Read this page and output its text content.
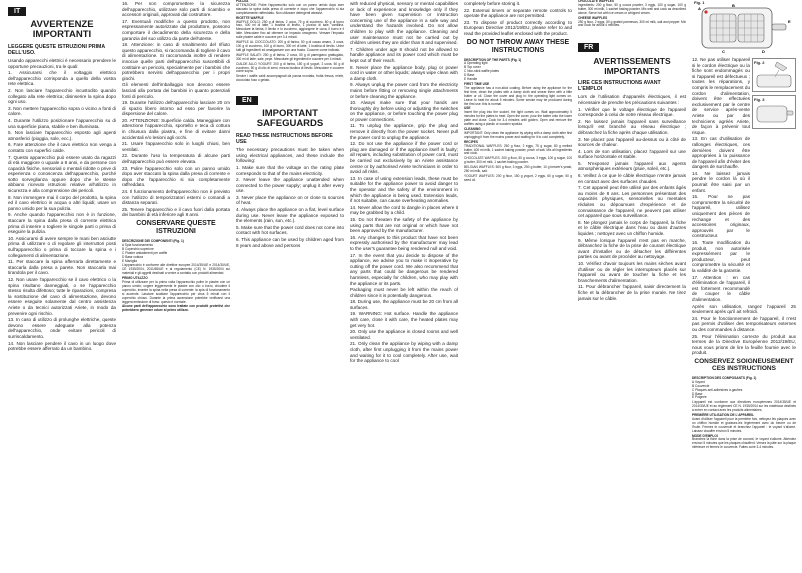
IT
AVVERTENZE
IMPORTANTI
LEGGERE QUESTE ISTRUZIONI PRIMA DELL'USO.
Usando apparecchi elettrici è necessario prendere le opportune precauzioni, tra le quali:
1. Assicurarsi che il voltaggio elettrico dell'apparecchio corrisponda a quello della vostra rete elettrica.
2. Non lasciare l'apparecchio incustodito quando collegato alla rete elettrica; disinserire la spina dopo ogni uso.
3. Non mettere l'apparecchio sopra o vicino a fonti di calore.
4. Durante l'utilizzo posizionare l'apparecchio su di una superficie piana, stabile e ben illuminata.
5. Non lasciare l'apparecchio esposto agli agenti atmosferici (pioggia, sole, ecc.).
6. Fare attenzione che il cavo elettrico non venga a contatto con superfici calde.
7. Questo apparecchio può essere usato da ragazzi di età maggiore o uguale a 8 anni, e da persone con capacità fisiche, sensoriali o mentali ridotte o prive di esperienza o conoscenza dell'apparecchio, purché sotto sorveglianza oppure dopo che le stesse abbiano ricevuto istruzioni relative all'utilizzo in sicurezza e alla comprensione dei pericoli.
8. Non immergere mai il corpo del prodotto, la spina ed il cavo elettrico in acqua o altri liquidi; usare un panno umido per la sua pulizia.
9. Anche quando l'apparecchio non è in funzione, staccare la spina dalla presa di corrente elettrica prima di inserire o togliere le singole parti o prima di eseguire la pulizia.
10. Assicurarsi di avere sempre le mani ben asciutte prima di utilizzare o di regolare gli interruttori posti sull'apparecchio o prima di toccare la spina e i collegamenti di alimentazione.
11. Per staccare la spina afferrarla direttamente e staccarla dalla presa a parete. Non staccarla mai tirandola per il cavo.
12. Non usare l'apparecchio se il cavo elettrico o la spina risultano danneggiati, o se l'apparecchio stesso risulta difettoso; tutte le riparazioni, compresa la sostituzione del cavo di alimentazione, devono essere eseguite solamente dal centro assistenza Ariete o da tecnici autorizzati Ariete, in modo da prevenire ogni rischio.
13. In caso di utilizzo di prolunghe elettriche, queste devono essere adeguate alla potenza dell'apparecchio, onde evitare pericoli di surriscaldamento.
14. Non lasciare pendere il cavo in un luogo dove potrebbe essere afferrato da un bambino.
16. Per non compromettere la sicurezza dell'apparecchio, utilizzare solo parti di ricambio e accessori originali, approvati dal costruttore.
17. Eventuali modifiche a questo prodotto, non espressamente autorizzate dal produttore, possono comportare il decadimento della sicurezza e della garanzia del suo utilizzo da parte dell'utente.
18. Attenzione: in caso di smaltimento del rifiuto questo apparecchio, si raccomanda di togliere il cavo di alimentazione. Si raccomanda inoltre di rendere innocue quelle parti dell'apparecchio suscettibili di costituire un pericolo, specialmente per i bambini che potrebbero servirsi dell'apparecchio per i propri giochi.
Gli elementi dell'imballaggio non devono essere lasciati alla portata dei bambini in quanto potenziali fonti di pericolo.
19. Durante l'utilizzo dell'apparecchio lasciare 20 cm di spazio libero intorno ad esso per favorire la dispersione del calore.
20. ATTENZIONE: Superficie calda. Maneggiare con attenzione l'apparecchio, sportello e teca di cottura in chiusura dalla piastra, e fine di evitare danni accidentali e/o lesioni agli occhi.
21. Usare l'apparecchio solo in luoghi chiusi, ben ventilati.
22. Durante l'uso la temperatura di alcune parti dell'apparecchio può essere elevata.
23. Pulire l'apparecchio solo con un panno umido dopo aver staccato la spina dalla presa di corrente e dopo che l'apparecchio si sia completamente raffreddato.
24. Il funzionamento dell'apparecchio non è previsto con l'utilizzo di temporizzatori esterni o comandi a distanza separati.
25. Tenere l'apparecchio e il cavo fuori dalla portata dei bambini di età inferiore agli 8 anni.
CONSERVARE QUESTE ISTRUZIONI
DESCRIZIONE DEI COMPONENTI (Fig. 1)
A Spia funzionamento
B Coperchio superiore
C Piastre antiaderenti per waffle
D Base cottura
E Maniglia
L'apparecchio è conforme alle direttive europee 2014/35/UE e 2014/30/UE, CE 1935/2004, 2011/65/UE e al regolamento (CE) N. 1935/2004 sui materiali e gli oggetti destinati a venire a contatto con prodotti alimentari.
PRIMO UTILIZZO
Prima di utilizzare per la prima volta l'apparecchio pulire le piastre con un panno umido; ungere leggermente le piastre con olio o burro, chiudere il coperchio, inserire la spina nella presa di corrente: la spia di funzionamento si accende. Lasciare scaldare l'apparecchio per circa 5 minuti con il coperchio chiuso. Durante la prima accensione potrebbe verificarsi una leggera emissione di fumo: questo è normale.
Alcune parti dell'apparecchio sono trattate con prodotti protettivi che potrebbero generare odore al primo utilizzo.
PULIZIA
ATTENZIONE: Pulire l'apparecchio solo con un panno umido dopo aver staccato la spina dalla presa di corrente e dopo che l'apparecchio si sia completamente raffreddato. Non utilizzare detergenti abrasivi.
RICETTE WAFFLE
WAFFLE DOLCI: 250 g di farina, 2 uova, 75 g di zucchero, 80 g di burro fuso, 400 ml di latte, 1 bustina di lievito, 1 pizzico di sale, vanillina. Mescolare la farina, il lievito e lo zucchero, aggiungere le uova, il burro e il latte. Mescolare fino ad ottenere un impasto omogeneo. Versare l'impasto sulle piastre calde e cuocere per 3-4 minuti.
WAFFLE AL CIOCCOLATO: 200 g di farina, 50 g di cacao amaro, 3 uova, 100 g di zucchero, 100 g di burro, 300 ml di latte, 1 bustina di lievito. Unire tutti gli ingredienti ed amalgamare con una frusta. Cuocere come indicato.
WAFFLE SALATI: 250 g di farina, 2 uova, 50 g di parmigiano grattugiato, 300 ml di latte, sale, pepe. Mescolare gli ingredienti e cuocere per 4 minuti.
CIALDE ALLO YOGURT: 200 g di farina, 150 g di yogurt, 2 uova, 60 g di zucchero, 50 g di olio di semi, mezza bustina di lievito. Mescolare e cuocere come sopra.
Servire i waffle caldi accompagnati da panna montata, frutta fresca, miele, cioccolato fuso o gelato.
EN
IMPORTANT
SAFEGUARDS
READ THESE INSTRUCTIONS BEFORE USE
The necessary precautions must be taken when using electrical appliances, and these include the following:
1. Make sure that the voltage on the rating plate corresponds to that of the mains electricity.
2. Never leave the appliance unattended when connected to the power supply; unplug it after every use.
3. Never place the appliance on or close to sources of heat.
4. Always place the appliance on a flat, level surface during use. Never leave the appliance exposed to the elements (rain, sun, etc.).
5. Make sure that the power cord does not come into contact with hot surfaces.
6. This appliance can be used by children aged from 8 years and above and persons
with reduced physical, sensory or mental capabilities or lack of experience and knowledge only if they have been given supervision or instruction concerning use of the appliance in a safe way and understand the hazards involved. Do not allow children to play with the appliance. Cleaning and user maintenance must not be carried out by children unless they are older than 8 and supervised.
7. Children under age 8 should not be allowed to handle appliance and its power cord which must be kept out of their reach.
8. Never place the appliance body, plug or power cord in water or other liquids; always wipe clean with a damp cloth.
9. Always unplug the power cord from the electricity mains before fitting or removing single attachments or before cleaning the appliance.
10. Always make sure that your hands are thoroughly dry before using or adjusting the switches on the appliance, or before touching the power plug or power connections.
11. To unplug the appliance, grip the plug and remove it directly from the power socket. Never pull the power cord to unplug the appliance.
12. Do not use the appliance if the power cord or plug are damaged or if the appliance itself is faulty; all repairs, including substitution of power cord, must be carried out exclusively by an Ariete assistance centre or by authorised Ariete technicians in order to avoid all risks.
13. In case of using extension leads, these must be suitable for the appliance power to avoid danger to the operator and the safety of the environment in which the appliance is being used. Extension leads, if not suitable, can cause overheating anomalies.
14. Never allow the cord to dangle in places where it may be grabbed by a child.
15. Do not threaten the safety of the appliance by using parts that are not original or which have not been approved by the manufacturer.
16. Any changes to this product that have not been expressly authorised by the manufacturer may lead to the user's guarantee being rendered null and void.
17. In the event that you decide to dispose of the appliance, we advise you to make it inoperative by cutting off the power cord. We also recommend that any parts that could be dangerous be rendered harmless, especially for children, who may play with the appliance or its parts.
Packaging must never be left within the reach of children since it is potentially dangerous.
18. During use, the appliance must be 20 cm from all surfaces.
19. WARNING: Hot surface. Handle the appliance with care, close it with care, the heated plates may get very hot.
20. Only use the appliance in closed rooms and well ventilated.
21. Only clean the appliance by wiping with a damp cloth, after first unplugging it from the mains power and waiting for it to cool completely. After use, wait for the appliance to cool
completely before storing it.
22. External timers or separate remote controls to operate the appliance are not permitted.
23. To dispose of product correctly according to European Directive 2012/19/EU, please refer to and read the provided leaflet enclosed with the product.
DO NOT THROW AWAY THESE INSTRUCTIONS
DESCRIPTION OF THE PARTS (Fig. 1)
A Operating light
B Top cover
C Non-stick waffle plates
D Base
E Handle
FIRST TIME USE
The appliance has a non-stick coating. Before using the appliance for the first time, clean the plates with a damp cloth and smear them with a little butter or oil. Close the cover and plug in: the operating light comes on. Leave to heat for about 5 minutes. Some smoke may be produced during the first use: this is normal.
USE
Insert the plug into the socket, the light comes on. Wait approximately 5 minutes for the plates to heat. Open the cover, pour the batter onto the lower plate and close. Cook for 3-4 minutes until golden. Open and remove the waffles using a plastic or wooden spatula.
CLEANING
IMPORTANT: Only clean the appliance by wiping with a damp cloth after first unplugging it from the mains power and waiting for it to cool completely.
RECIPES
TRADITIONAL WAFFLES: 250 g flour, 2 eggs, 75 g sugar, 80 g melted butter, 400 ml milk, 1 sachet baking powder, pinch of salt. Mix all ingredients and cook.
CHOCOLATE WAFFLES: 200 g flour, 50 g cocoa, 3 eggs, 100 g sugar, 100 g butter, 300 ml milk, 1 sachet baking powder.
BELGIAN WAFFLES: 500 g flour, 3 eggs, 250 g butter, 10 g brewer's yeast, 250 ml milk, salt.
YOGURT WAFFLES: 200 g flour, 150 g yogurt, 2 eggs, 60 g sugar, 50 g seed oil.
CHOCOLATE WAFFLES
Ingredients: 200 g flour, 50 g cocoa powder, 3 eggs, 100 g sugar, 100 g butter, 300 ml milk, 1 sachet baking powder. Mix well and cook as described above. Serve hot with ice cream or whipped cream.
CHEESE WAFFLES
250 g flour, 2 eggs, 50 g grated parmesan, 300 ml milk, salt and pepper. Mix and cook for about 4 minutes.
FR
AVERTISSEMENTS
IMPORTANTS
LIRE CES INSTRUCTIONS AVANT L'EMPLOI
Lors de l'utilisation d'appareils électriques, il est nécessaire de prendre les précautions suivantes :
1. Vérifier que le voltage électrique de l'appareil corresponde à celui de votre réseau électrique.
2. Ne laissez jamais l'appareil sans surveillance lorsqu'il est branché au réseau électrique ; débranchez la fiche après chaque utilisation.
3. Ne placez pas l'appareil au-dessus ou à côté de sources de chaleur.
4. Lors de son utilisation, placez l'appareil sur une surface horizontale et stable.
5. N'exposez jamais l'appareil aux agents atmosphériques extérieurs (pluie, soleil, etc.).
6. Veillez à ce que le câble électrique n'entre jamais en contact avec des surfaces chaudes.
7. Cet appareil peut être utilisé par des enfants âgés au moins de 8 ans. Les personnes présentant des capacités physiques, sensorielles ou mentales réduites ou dépourvues d'expérience et de connaissance de l'appareil, ne peuvent pas utiliser cet appareil que sous surveillance.
8. Ne plongez jamais le corps de l'appareil, la fiche et le câble électrique dans l'eau ou dans d'autres liquides ; nettoyez avec un chiffon humide.
9. Même lorsque l'appareil n'est pas en marche, débranchez la fiche de la prise de courant électrique avant d'installer ou de détacher les différentes parties ou avant de procéder au nettoyage.
10. Vérifiez d'avoir toujours les mains sèches avant d'utiliser ou de régler les interrupteurs placés sur l'appareil ou avant de toucher la fiche et les branchements d'alimentation.
11. Pour débrancher l'appareil, saisir directement la fiche et la débrancher de la prise murale. Ne tirez jamais sur le câble.
A
B
C	D
E
Fig. 1
12. Ne pas utiliser l'appareil si le cordon électrique ou la fiche sont endommagés ou si l'appareil est défectueux ; toutes les réparations, y compris le remplacement du cordon d'alimentation, doivent être effectuées exclusivement par le centre de service après-vente Ariete ou par des techniciens agréés Ariete, de façon à prévenir tout risque.
13. En cas d'utilisation de rallonges électriques, ces dernières doivent être appropriées à la puissance de l'appareil afin d'éviter des dangers de surchauffe.
14. Ne laissez jamais pendre le cordon là où il pourrait être saisi par un enfant.
15. Pour ne pas compromettre la sécurité de l'appareil, utilisez uniquement des pièces de rechange et des accessoires originaux, approuvés par le constructeur.
16. Toute modification du produit, non autorisée expressément par le producteur, peut compromettre la sécurité et la validité de la garantie.
17. Attention : en cas d'élimination de l'appareil, il est fortement recommandé de couper le câble d'alimentation.
Fig. 2
Fig. 3
Après son utilisation, rangez l'appareil 25 seulement après qu'il ait refroidi.
24. Pour le fonctionnement de l'appareil, il n'est pas permis d'utiliser des temporisateurs externes ou des commandes à distance.
25. Pour l'élimination correcte du produit aux termes de la Directive Européenne 2012/19/EU, nous vous prions de lire la feuille fournie avec le produit.
CONSERVEZ SOIGNEUSEMENT CES INSTRUCTIONS
DESCRIPTION DES COMPOSANTS (Fig. 1)
A Voyant
B Couvercle
C Plaques anti-adhésives à gaufres
D Base
E Poignée
L'appareil est conforme aux directives européennes 2014/35/UE et 2014/30/UE et au règlement CE N. 1935/2004 sur les matériaux destinés à entrer en contact avec les produits alimentaires.
PREMIÈRE UTILISATION DE L'APPAREIL
Avant d'utiliser l'appareil pour la première fois, nettoyez les plaques avec un chiffon humide et graissez-les légèrement avec du beurre ou de l'huile. Fermez le couvercle et branchez l'appareil : le voyant s'allume. Laissez chauffer environ 5 minutes.
MODE D'EMPLOI
Branchez la fiche dans la prise de courant, le voyant s'allume. Attendez environ 5 minutes que les plaques chauffent. Versez la pâte sur la plaque inférieure et fermez le couvercle. Faites cuire 3-4 minutes.
